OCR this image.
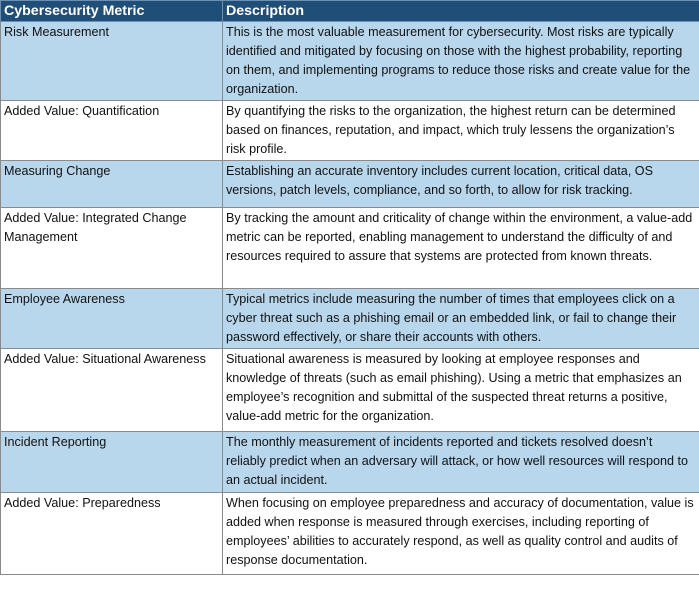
Cybersecurity Metric	Description
Risk Measurement	This is the most valuable measurement for cybersecurity. Most risks are typically identified and mitigated by focusing on those with the highest probability, reporting on them, and implementing programs to reduce those risks and create value for the organization.
Added Value: Quantification	By quantifying the risks to the organization, the highest return can be determined based on finances, reputation, and impact, which truly lessens the organization’s risk profile.
Measuring Change	Establishing an accurate inventory includes current location, critical data, OS versions, patch levels, compliance, and so forth, to allow for risk tracking.
Added Value: Integrated Change Management	By tracking the amount and criticality of change within the environment, a value-add metric can be reported, enabling management to understand the difficulty of and resources required to assure that systems are protected from known threats.
Employee Awareness	Typical metrics include measuring the number of times that employees click on a cyber threat such as a phishing email or an embedded link, or fail to change their password effectively, or share their accounts with others.
Added Value: Situational Awareness	Situational awareness is measured by looking at employee responses and knowledge of threats (such as email phishing). Using a metric that emphasizes an employee’s recognition and submittal of the suspected threat returns a positive, value-add metric for the organization.
Incident Reporting	The monthly measurement of incidents reported and tickets resolved doesn’t reliably predict when an adversary will attack, or how well resources will respond to an actual incident.
Added Value: Preparedness	When focusing on employee preparedness and accuracy of documentation, value is added when response is measured through exercises, including reporting of employees’ abilities to accurately respond, as well as quality control and audits of response documentation.
